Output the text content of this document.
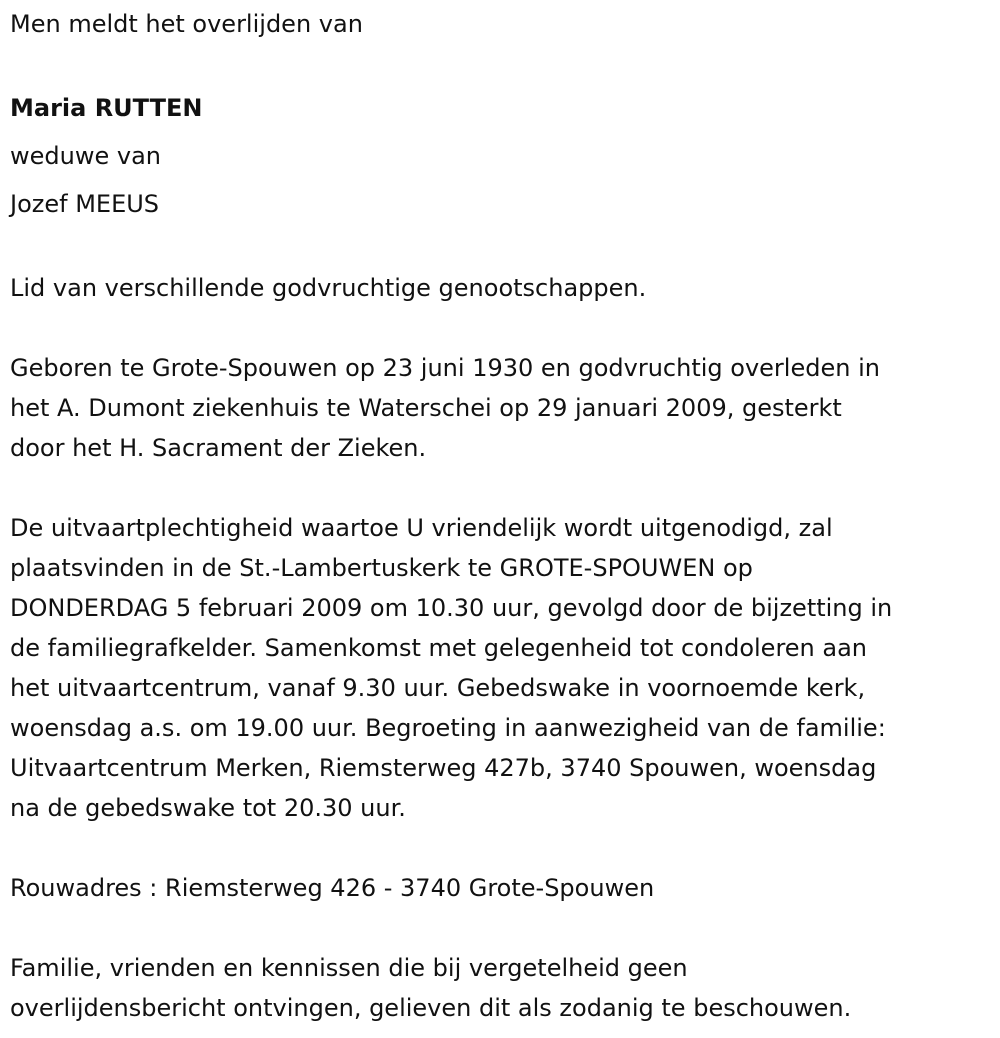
Men meldt het overlijden van

Maria RUTTEN

weduwe van

Jozef MEEUS

Lid van verschillende godvruchtige genootschappen.

Geboren te Grote-Spouwen op 23 juni 1930 en godvruchtig overleden in

het A. Dumont ziekenhuis te Waterschei op 29 januari 2009, gesterkt

door het H. Sacrament der Zieken.

De uitvaartplechtigheid waartoe U vriendelijk wordt uitgenodigd, zal

plaatsvinden in de St.-Lambertuskerk te GROTE-SPOUWEN op

DONDERDAG 5 februari 2009 om 10.30 uur, gevolgd door de bijzetting in

de familiegrafkelder. Samenkomst met gelegenheid tot condoleren aan

het uitvaartcentrum, vanaf 9.30 uur. Gebedswake in voornoemde kerk,

woensdag a.s. om 19.00 uur. Begroeting in aanwezigheid van de familie:

Uitvaartcentrum Merken, Riemsterweg 427b, 3740 Spouwen, woensdag

na de gebedswake tot 20.30 uur.

Rouwadres : Riemsterweg 426 - 3740 Grote-Spouwen

Familie, vrienden en kennissen die bij vergetelheid geen

overlijdensbericht ontvingen, gelieven dit als zodanig te beschouwen.
